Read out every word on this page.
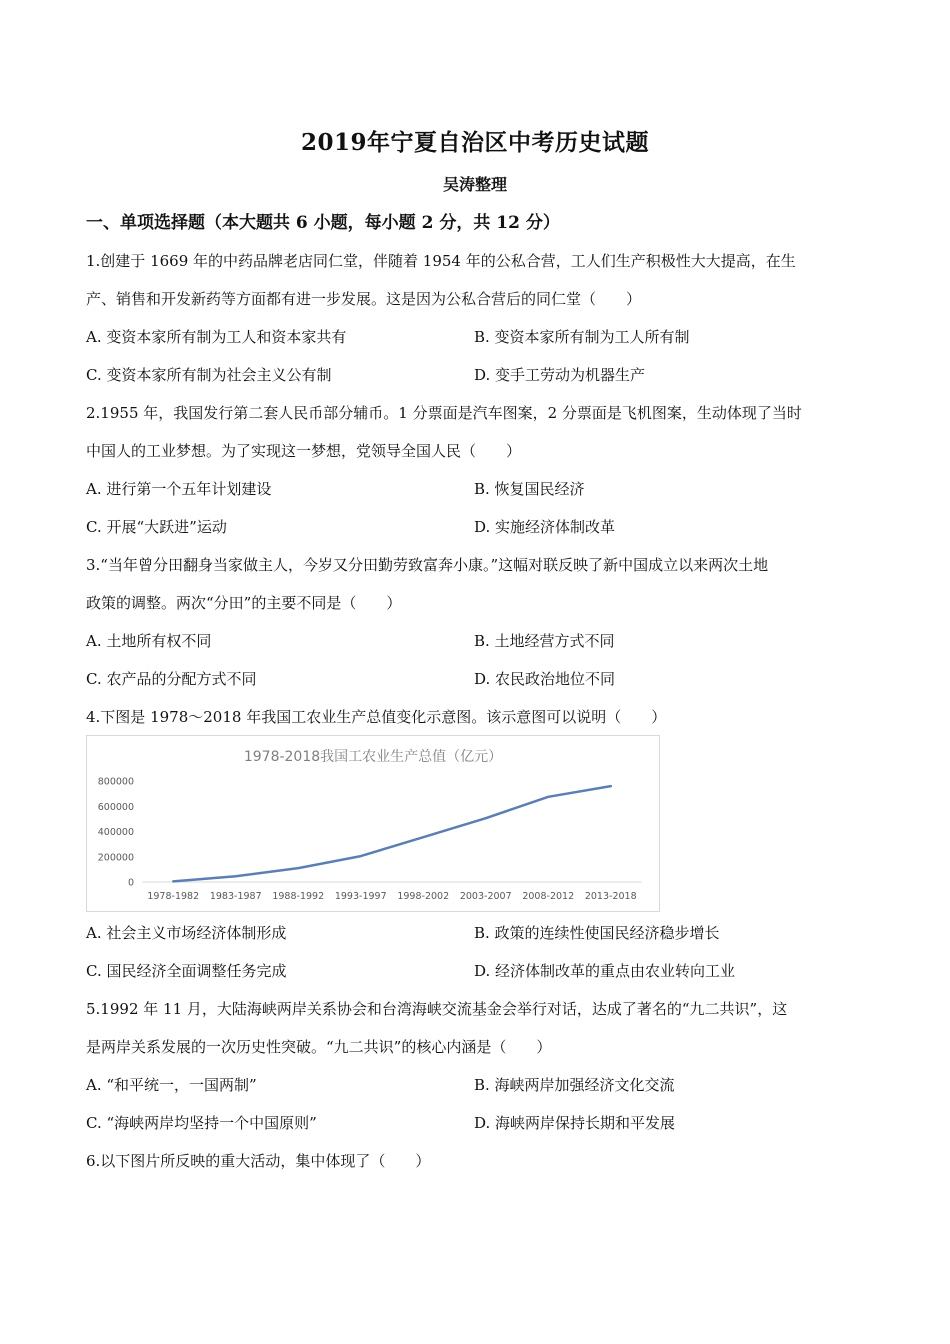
2019年宁夏自治区中考历史试题
吴涛整理
一、单项选择题（本大题共 6 小题，每小题 2 分，共 12 分）
1.创建于 1669 年的中药品牌老店同仁堂，伴随着 1954 年的公私合营，工人们生产积极性大大提高，在生
产、销售和开发新药等方面都有进一步发展。这是因为公私合营后的同仁堂（　　）
A. 变资本家所有制为工人和资本家共有	B. 变资本家所有制为工人所有制
C. 变资本家所有制为社会主义公有制	D. 变手工劳动为机器生产
2.1955 年，我国发行第二套人民币部分辅币。1 分票面是汽车图案，2 分票面是飞机图案，生动体现了当时
中国人的工业梦想。为了实现这一梦想，党领导全国人民（　　）
A. 进行第一个五年计划建设	B. 恢复国民经济
C. 开展“大跃进”运动	D. 实施经济体制改革
3.“当年曾分田翻身当家做主人，今岁又分田勤劳致富奔小康。”这幅对联反映了新中国成立以来两次土地
政策的调整。两次“分田”的主要不同是（　　）
A. 土地所有权不同	B. 土地经营方式不同
C. 农产品的分配方式不同	D. 农民政治地位不同
4.下图是 1978～2018 年我国工农业生产总值变化示意图。该示意图可以说明（　　）
1978-2018我国工农业生产总值（亿元）
0
200000
400000
600000
800000
1978-1982 1983-1987 1988-1992 1993-1997 1998-2002 2003-2007 2008-2012 2013-2018
A. 社会主义市场经济体制形成	B. 政策的连续性使国民经济稳步增长
C. 国民经济全面调整任务完成	D. 经济体制改革的重点由农业转向工业
5.1992 年 11 月，大陆海峡两岸关系协会和台湾海峡交流基金会举行对话，达成了著名的“九二共识”，这
是两岸关系发展的一次历史性突破。“九二共识”的核心内涵是（　　）
A. “和平统一，一国两制”	B. 海峡两岸加强经济文化交流
C. “海峡两岸均坚持一个中国原则”	D. 海峡两岸保持长期和平发展
6.以下图片所反映的重大活动，集中体现了（　　）
